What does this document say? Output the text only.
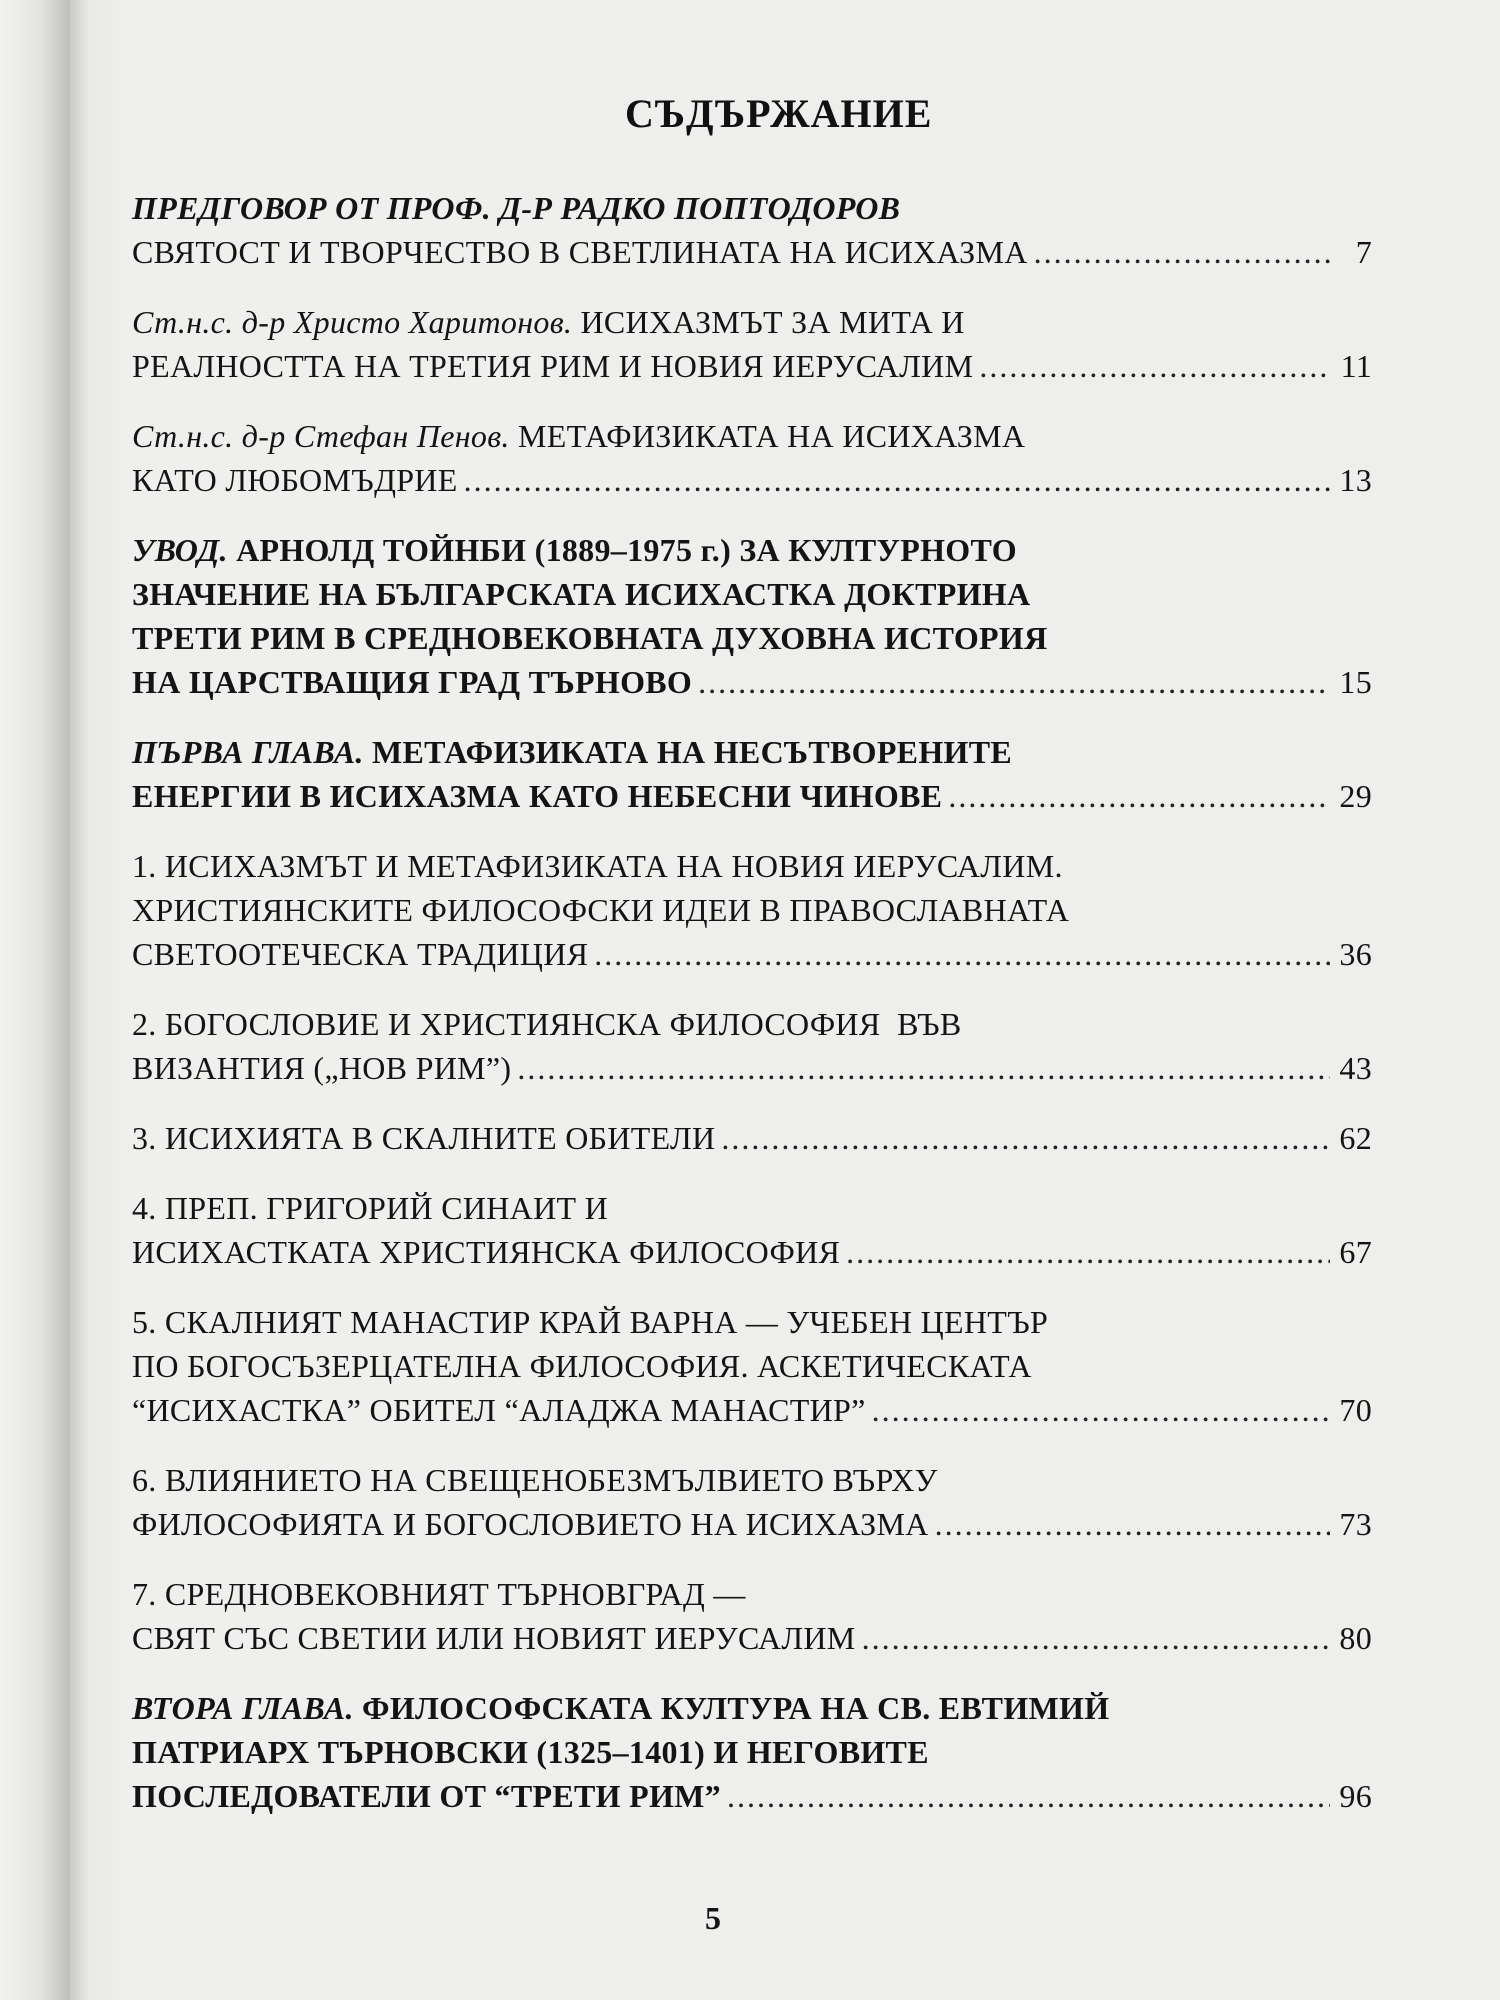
СЪДЪРЖАНИЕ
ПРЕДГОВОР ОТ ПРОФ. Д-Р РАДКО ПОПТОДОРОВ
СВЯТОСТ И ТВОРЧЕСТВО В СВЕТЛИНАТА НА ИСИХАЗМА .....	7
Ст.н.с. д-р Христо Харитонов. ИСИХАЗМЪТ ЗА МИТА И
РЕАЛНОСТТА НА ТРЕТИЯ РИМ И НОВИЯ ИЕРУСАЛИМ .....	11
Ст.н.с. д-р Стефан Пенов. МЕТАФИЗИКАТА НА ИСИХАЗМА
КАТО ЛЮБОМЪДРИЕ .....	13
УВОД. АРНОЛД ТОЙНБИ (1889–1975 г.) ЗА КУЛТУРНОТО
ЗНАЧЕНИЕ НА БЪЛГАРСКАТА ИСИХАСТКА ДОКТРИНА
ТРЕТИ РИМ В СРЕДНОВЕКОВНАТА ДУХОВНА ИСТОРИЯ
НА ЦАРСТВАЩИЯ ГРАД ТЪРНОВО .....	15
ПЪРВА ГЛАВА. МЕТАФИЗИКАТА НА НЕСЪТВОРЕНИТЕ
ЕНЕРГИИ В ИСИХАЗМА КАТО НЕБЕСНИ ЧИНОВЕ .....	29
1. ИСИХАЗМЪТ И МЕТАФИЗИКАТА НА НОВИЯ ИЕРУСАЛИМ.
ХРИСТИЯНСКИТЕ ФИЛОСОФСКИ ИДЕИ В ПРАВОСЛАВНАТА
СВЕТООТЕЧЕСКА ТРАДИЦИЯ .....	36
2. БОГОСЛОВИЕ И ХРИСТИЯНСКА ФИЛОСОФИЯ  ВЪВ
ВИЗАНТИЯ („НОВ РИМ”) .....	43
3. ИСИХИЯТА В СКАЛНИТЕ ОБИТЕЛИ .....	62
4. ПРЕП. ГРИГОРИЙ СИНАИТ И
ИСИХАСТКАТА ХРИСТИЯНСКА ФИЛОСОФИЯ .....	67
5. СКАЛНИЯТ МАНАСТИР КРАЙ ВАРНА — УЧЕБЕН ЦЕНТЪР
ПО БОГОСЪЗЕРЦАТЕЛНА ФИЛОСОФИЯ. АСКЕТИЧЕСКАТА
“ИСИХАСТКА” ОБИТЕЛ “АЛАДЖА МАНАСТИР” .....	70
6. ВЛИЯНИЕТО НА СВЕЩЕНОБЕЗМЪЛВИЕТО ВЪРХУ
ФИЛОСОФИЯТА И БОГОСЛОВИЕТО НА ИСИХАЗМА .....	73
7. СРЕДНОВЕКОВНИЯТ ТЪРНОВГРАД —
СВЯТ СЪС СВЕТИИ ИЛИ НОВИЯТ ИЕРУСАЛИМ .....	80
ВТОРА ГЛАВА. ФИЛОСОФСКАТА КУЛТУРА НА СВ. ЕВТИМИЙ
ПАТРИАРХ ТЪРНОВСКИ (1325–1401) И НЕГОВИТЕ
ПОСЛЕДОВАТЕЛИ ОТ “ТРЕТИ РИМ” .....	96
5
